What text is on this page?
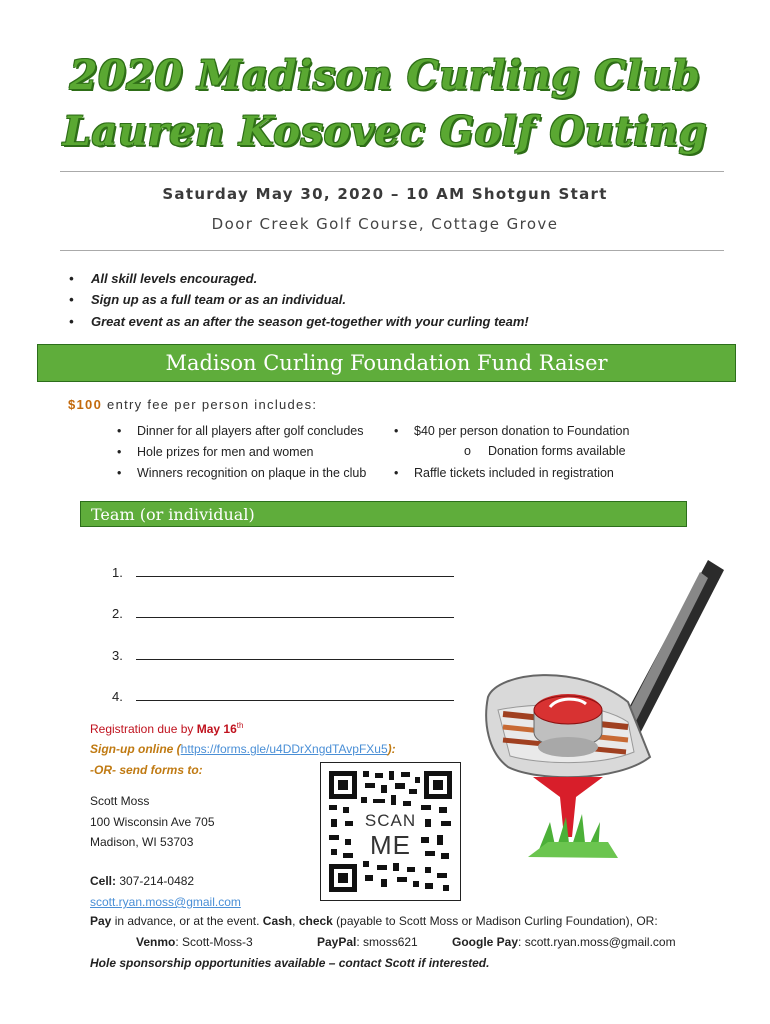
2020 Madison Curling Club
Lauren Kosovec Golf Outing
Saturday May 30, 2020 – 10 AM Shotgun Start
Door Creek Golf Course, Cottage Grove
• All skill levels encouraged.
• Sign up as a full team or as an individual.
• Great event as an after the season get-together with your curling team!
Madison Curling Foundation Fund Raiser
$100 entry fee per person includes:
• Dinner for all players after golf concludes
• Hole prizes for men and women
• Winners recognition on plaque in the club
• $40 per person donation to Foundation
o Donation forms available
• Raffle tickets included in registration
Team (or individual)
1.
2.
3.
4.
Registration due by May 16th
Sign-up online (https://forms.gle/u4DDrXngdTAvpFXu5):
-OR- send forms to:
Scott Moss
100 Wisconsin Ave 705
Madison, WI 53703
Cell: 307-214-0482
scott.ryan.moss@gmail.com
SCAN
ME
Pay in advance, or at the event. Cash, check (payable to Scott Moss or Madison Curling Foundation), OR:
Venmo: Scott-Moss-3	PayPal: smoss621	Google Pay: scott.ryan.moss@gmail.com
Hole sponsorship opportunities available – contact Scott if interested.
